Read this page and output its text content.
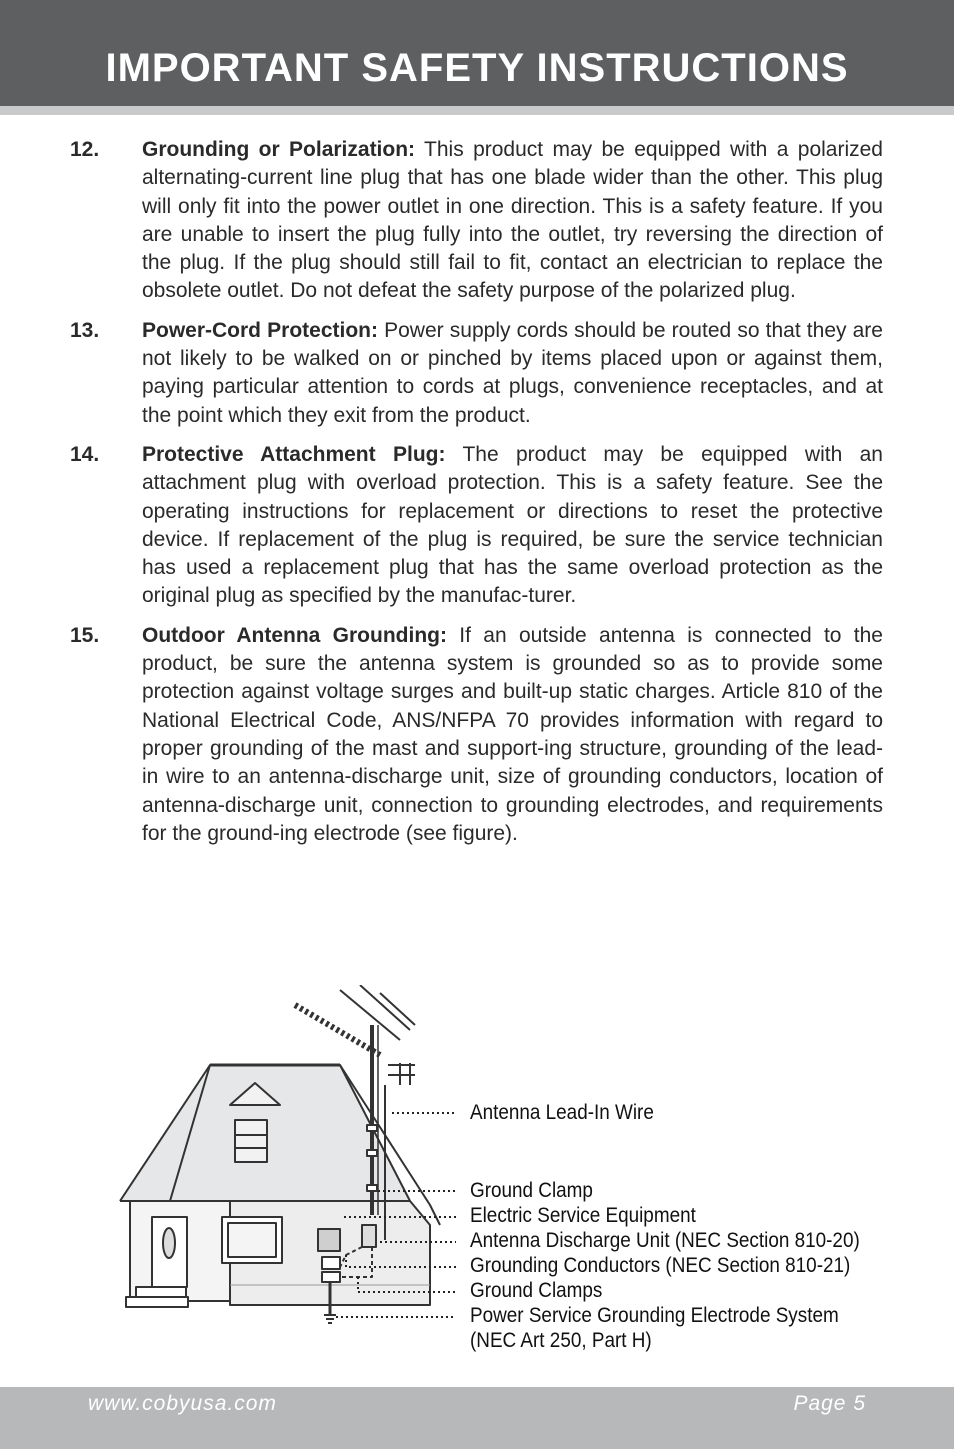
IMPORTANT SAFETY INSTRUCTIONS
12. Grounding or Polarization: This product may be equipped with a polarized alternating-current line plug that has one blade wider than the other. This plug will only fit into the power outlet in one direction. This is a safety feature. If you are unable to insert the plug fully into the outlet, try reversing the direction of the plug. If the plug should still fail to fit, contact an electrician to replace the obsolete outlet. Do not defeat the safety purpose of the polarized plug.
13. Power-Cord Protection: Power supply cords should be routed so that they are not likely to be walked on or pinched by items placed upon or against them, paying particular attention to cords at plugs, convenience receptacles, and at the point which they exit from the product.
14. Protective Attachment Plug: The product may be equipped with an attachment plug with overload protection. This is a safety feature. See the operating instructions for replacement or directions to reset the protective device. If replacement of the plug is required, be sure the service technician has used a replacement plug that has the same overload protection as the original plug as specified by the manufac-turer.
15. Outdoor Antenna Grounding: If an outside antenna is connected to the product, be sure the antenna system is grounded so as to provide some protection against voltage surges and built-up static charges. Article 810 of the National Electrical Code, ANS/NFPA 70 provides information with regard to proper grounding of the mast and support-ing structure, grounding of the lead-in wire to an antenna-discharge unit, size of grounding conductors, location of antenna-discharge unit, connection to grounding electrodes, and requirements for the ground-ing electrode (see figure).
Antenna Lead-In Wire
Ground Clamp
Electric Service Equipment
Antenna Discharge Unit (NEC Section 810-20)
Grounding Conductors (NEC Section 810-21)
Ground Clamps
Power Service Grounding Electrode System
(NEC Art 250, Part H)
www.cobyusa.com	Page 5
